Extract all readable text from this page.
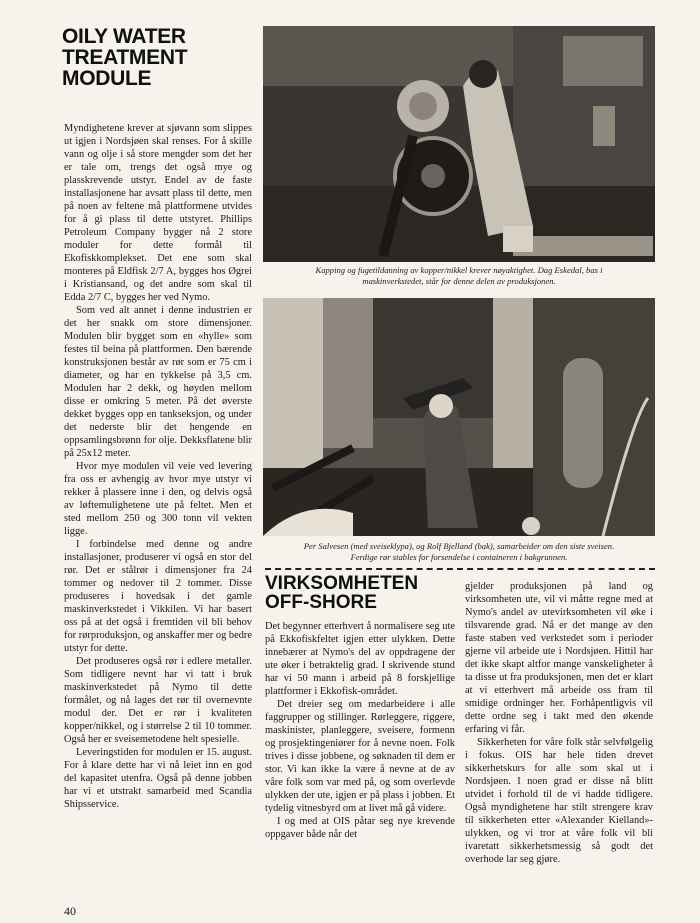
OILY WATER
TREATMENT
MODULE

Myndighetene krever at sjøvann som slippes ut igjen i Nordsjøen skal renses. For å skille vann og olje i så store mengder som det her er tale om, trengs det også mye og plasskrevende utstyr. Endel av de faste installasjonene har avsatt plass til dette, men på noen av feltene må plattformene utvides for å gi plass til dette utstyret. Phillips Petroleum Company bygger nå 2 store moduler for dette formål til Ekofiskkomplekset. Det ene som skal monteres på Eldfisk 2/7 A, bygges hos Øgrei i Kristiansand, og det andre som skal til Edda 2/7 C, bygges her ved Nymo.

Som ved alt annet i denne industrien er det her snakk om store dimensjoner. Modulen blir bygget som en «hylle» som festes til beina på plattformen. Den bærende konstruksjonen består av rør som er 75 cm i diameter, og har en tykkelse på 3,5 cm. Modulen har 2 dekk, og høyden mellom disse er omkring 5 meter. På det øverste dekket bygges opp en tankseksjon, og under det nederste blir det hengende en oppsamlingsbrønn for olje. Dekksflatene blir på 25x12 meter.

Hvor mye modulen vil veie ved levering fra oss er avhengig av hvor mye utstyr vi rekker å plassere inne i den, og delvis også av løftemulighetene ute på feltet. Men et sted mellom 250 og 300 tonn vil vekten ligge.

I forbindelse med denne og andre installasjoner, produserer vi også en stor del rør. Det er stålrør i dimensjoner fra 24 tommer og nedover til 2 tommer. Disse produseres i hovedsak i det gamle maskinverkstedet i Vikkilen. Vi har basert oss på at det også i fremtiden vil bli behov for rørproduksjon, og anskaffer mer og bedre utstyr for dette.

Det produseres også rør i edlere metaller. Som tidligere nevnt har vi tatt i bruk maskinverkstedet på Nymo til dette formålet, og nå lages det rør til overnevnte modul der. Det er rør i kvaliteten kopper/nikkel, og i størrelse 2 til 10 tommer. Også her er sveisemetodene helt spesielle.

Leveringstiden for modulen er 15. august. For å klare dette har vi nå leiet inn en god del kapasitet utenfra. Også på denne jobben har vi et utstrakt samarbeid med Scandia Shipsservice.

Kapping og fugetildanning av kopper/nikkel krever nøyaktighet. Dag Eskedal, bas i
maskinverkstedet, står for denne delen av produksjonen.

Per Salvesen (med sveiseklypa), og Rolf Bjelland (bak), samarbeider om den siste sveisen.
Ferdige rør stables for forsendelse i containeren i bakgrunnen.

VIRKSOMHETEN
OFF-SHORE

Det begynner etterhvert å normalisere seg ute på Ekkofiskfeltet igjen etter ulykken. Dette innebærer at Nymo's del av oppdragene der ute øker i betraktelig grad. I skrivende stund har vi 50 mann i arbeid på 8 forskjellige plattformer i Ekkofisk-området.

Det dreier seg om medarbeidere i alle faggrupper og stillinger. Rørleggere, riggere, maskinister, planleggere, sveisere, formenn og prosjektingeniører for å nevne noen. Folk trives i disse jobbene, og søknaden til dem er stor. Vi kan ikke la være å nevne at de av våre folk som var med på, og som overlevde ulykken der ute, igjen er på plass i jobben. Et tydelig vitnesbyrd om at livet må gå videre.

I og med at OIS påtar seg nye krevende oppgaver både når det

gjelder produksjonen på land og virksomheten ute, vil vi måtte regne med at Nymo's andel av utevirksomheten vil øke i tilsvarende grad. Nå er det mange av den faste staben ved verkstedet som i perioder gjerne vil arbeide ute i Nordsjøen. Hittil har det ikke skapt altfor mange vanskeligheter å ta disse ut fra produksjonen, men det er klart at vi etterhvert må arbeide oss fram til smidige ordninger her. Forhåpentligvis vil dette ordne seg i takt med den økende erfaring vi får.

Sikkerheten for våre folk står selvfølgelig i fokus. OIS har hele tiden drevet sikkerhetskurs for alle som skal ut i Nordsjøen. I noen grad er disse nå blitt utvidet i forhold til de vi hadde tidligere. Også myndighetene har stilt strengere krav til sikkerheten etter «Alexander Kielland»-ulykken, og vi tror at våre folk vil bli ivaretatt sikkerhetsmessig så godt det overhode lar seg gjøre.

40
